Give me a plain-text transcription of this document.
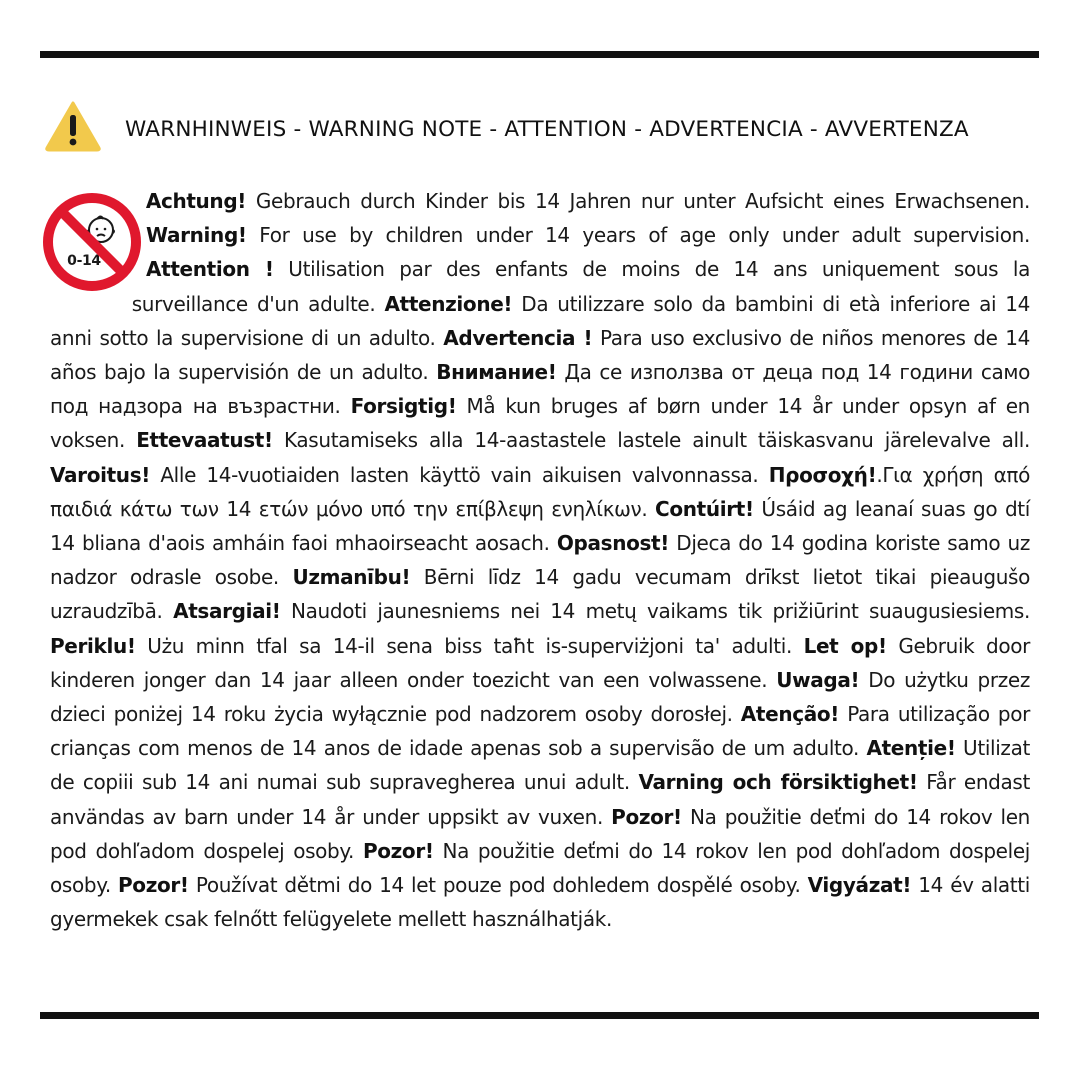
WARNHINWEIS - WARNING NOTE - ATTENTION - ADVERTENCIA - AVVERTENZA
0-14
Achtung! Gebrauch durch Kinder bis 14 Jahren nur unter Aufsicht eines Erwachsenen. Warning! For use by children under 14 years of age only under adult supervision. Attention ! Utilisation par des enfants de moins de 14 ans uniquement sous la surveillance d'un adulte. Attenzione! Da utilizzare solo da bambini di età inferiore ai 14 anni sotto la supervisione di un adulto. Advertencia ! Para uso exclusivo de niños menores de 14 años bajo la supervisión de un adulto. Внимание! Да се използва от деца под 14 години само под надзора на възрастни. Forsigtig! Må kun bruges af børn under 14 år under opsyn af en voksen. Ettevaatust! Kasutamiseks alla 14-aastastele lastele ainult täiskasvanu järelevalve all. Varoitus! Alle 14-vuotiaiden lasten käyttö vain aikuisen valvonnassa. Προσοχή!.Για χρήση από παιδιά κάτω των 14 ετών μόνο υπό την επίβλεψη ενηλίκων. Contúirt! Úsáid ag leanaí suas go dtí 14 bliana d'aois amháin faoi mhaoirseacht aosach. Opasnost! Djeca do 14 godina koriste samo uz nadzor odrasle osobe. Uzmanību! Bērni līdz 14 gadu vecumam drīkst lietot tikai pieaugušo uzraudzībā. Atsargiai! Naudoti jaunesniems nei 14 metų vaikams tik prižiūrint suaugusiesiems. Periklu! Użu minn tfal sa 14-il sena biss taħt is-superviżjoni ta' adulti. Let op! Gebruik door kinderen jonger dan 14 jaar alleen onder toezicht van een volwassene. Uwaga! Do użytku przez dzieci poniżej 14 roku życia wyłącznie pod nadzorem osoby dorosłej. Atenção! Para utilização por crianças com menos de 14 anos de idade apenas sob a supervisão de um adulto. Atenție! Utilizat de copiii sub 14 ani numai sub supravegherea unui adult. Varning och försiktighet! Får endast användas av barn under 14 år under uppsikt av vuxen. Pozor! Na použitie deťmi do 14 rokov len pod dohľadom dospelej osoby. Pozor! Na použitie deťmi do 14 rokov len pod dohľadom dospelej osoby. Pozor! Používat dětmi do 14 let pouze pod dohledem dospělé osoby. Vigyázat! 14 év alatti gyermekek csak felnőtt felügyelete mellett használhatják.
